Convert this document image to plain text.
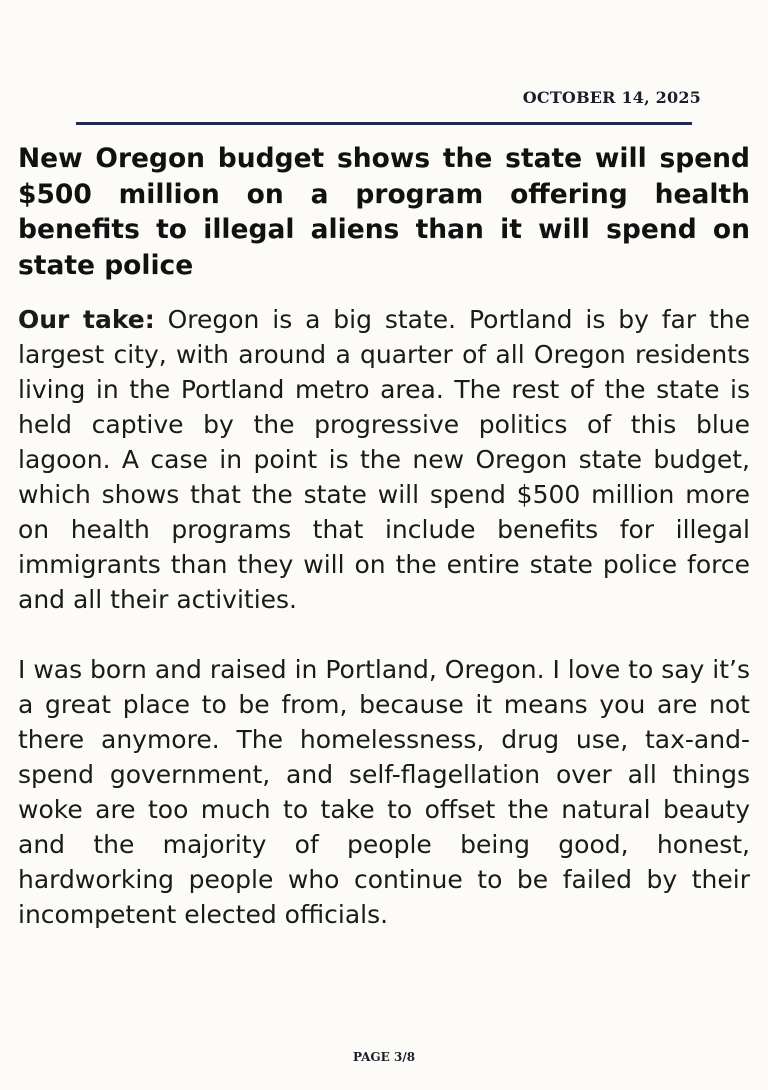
OCTOBER 14, 2025
New Oregon budget shows the state will spend $500 million on a program offering health benefits to illegal aliens than it will spend on state police

Our take: Oregon is a big state. Portland is by far the largest city, with around a quarter of all Oregon residents living in the Portland metro area. The rest of the state is held captive by the progressive politics of this blue lagoon. A case in point is the new Oregon state budget, which shows that the state will spend $500 million more on health programs that include benefits for illegal immigrants than they will on the entire state police force and all their activities.

I was born and raised in Portland, Oregon. I love to say it’s a great place to be from, because it means you are not there anymore. The homelessness, drug use, tax-and-spend government, and self-flagellation over all things woke are too much to take to offset the natural beauty and the majority of people being good, honest, hardworking people who continue to be failed by their incompetent elected officials.

PAGE 3/8
